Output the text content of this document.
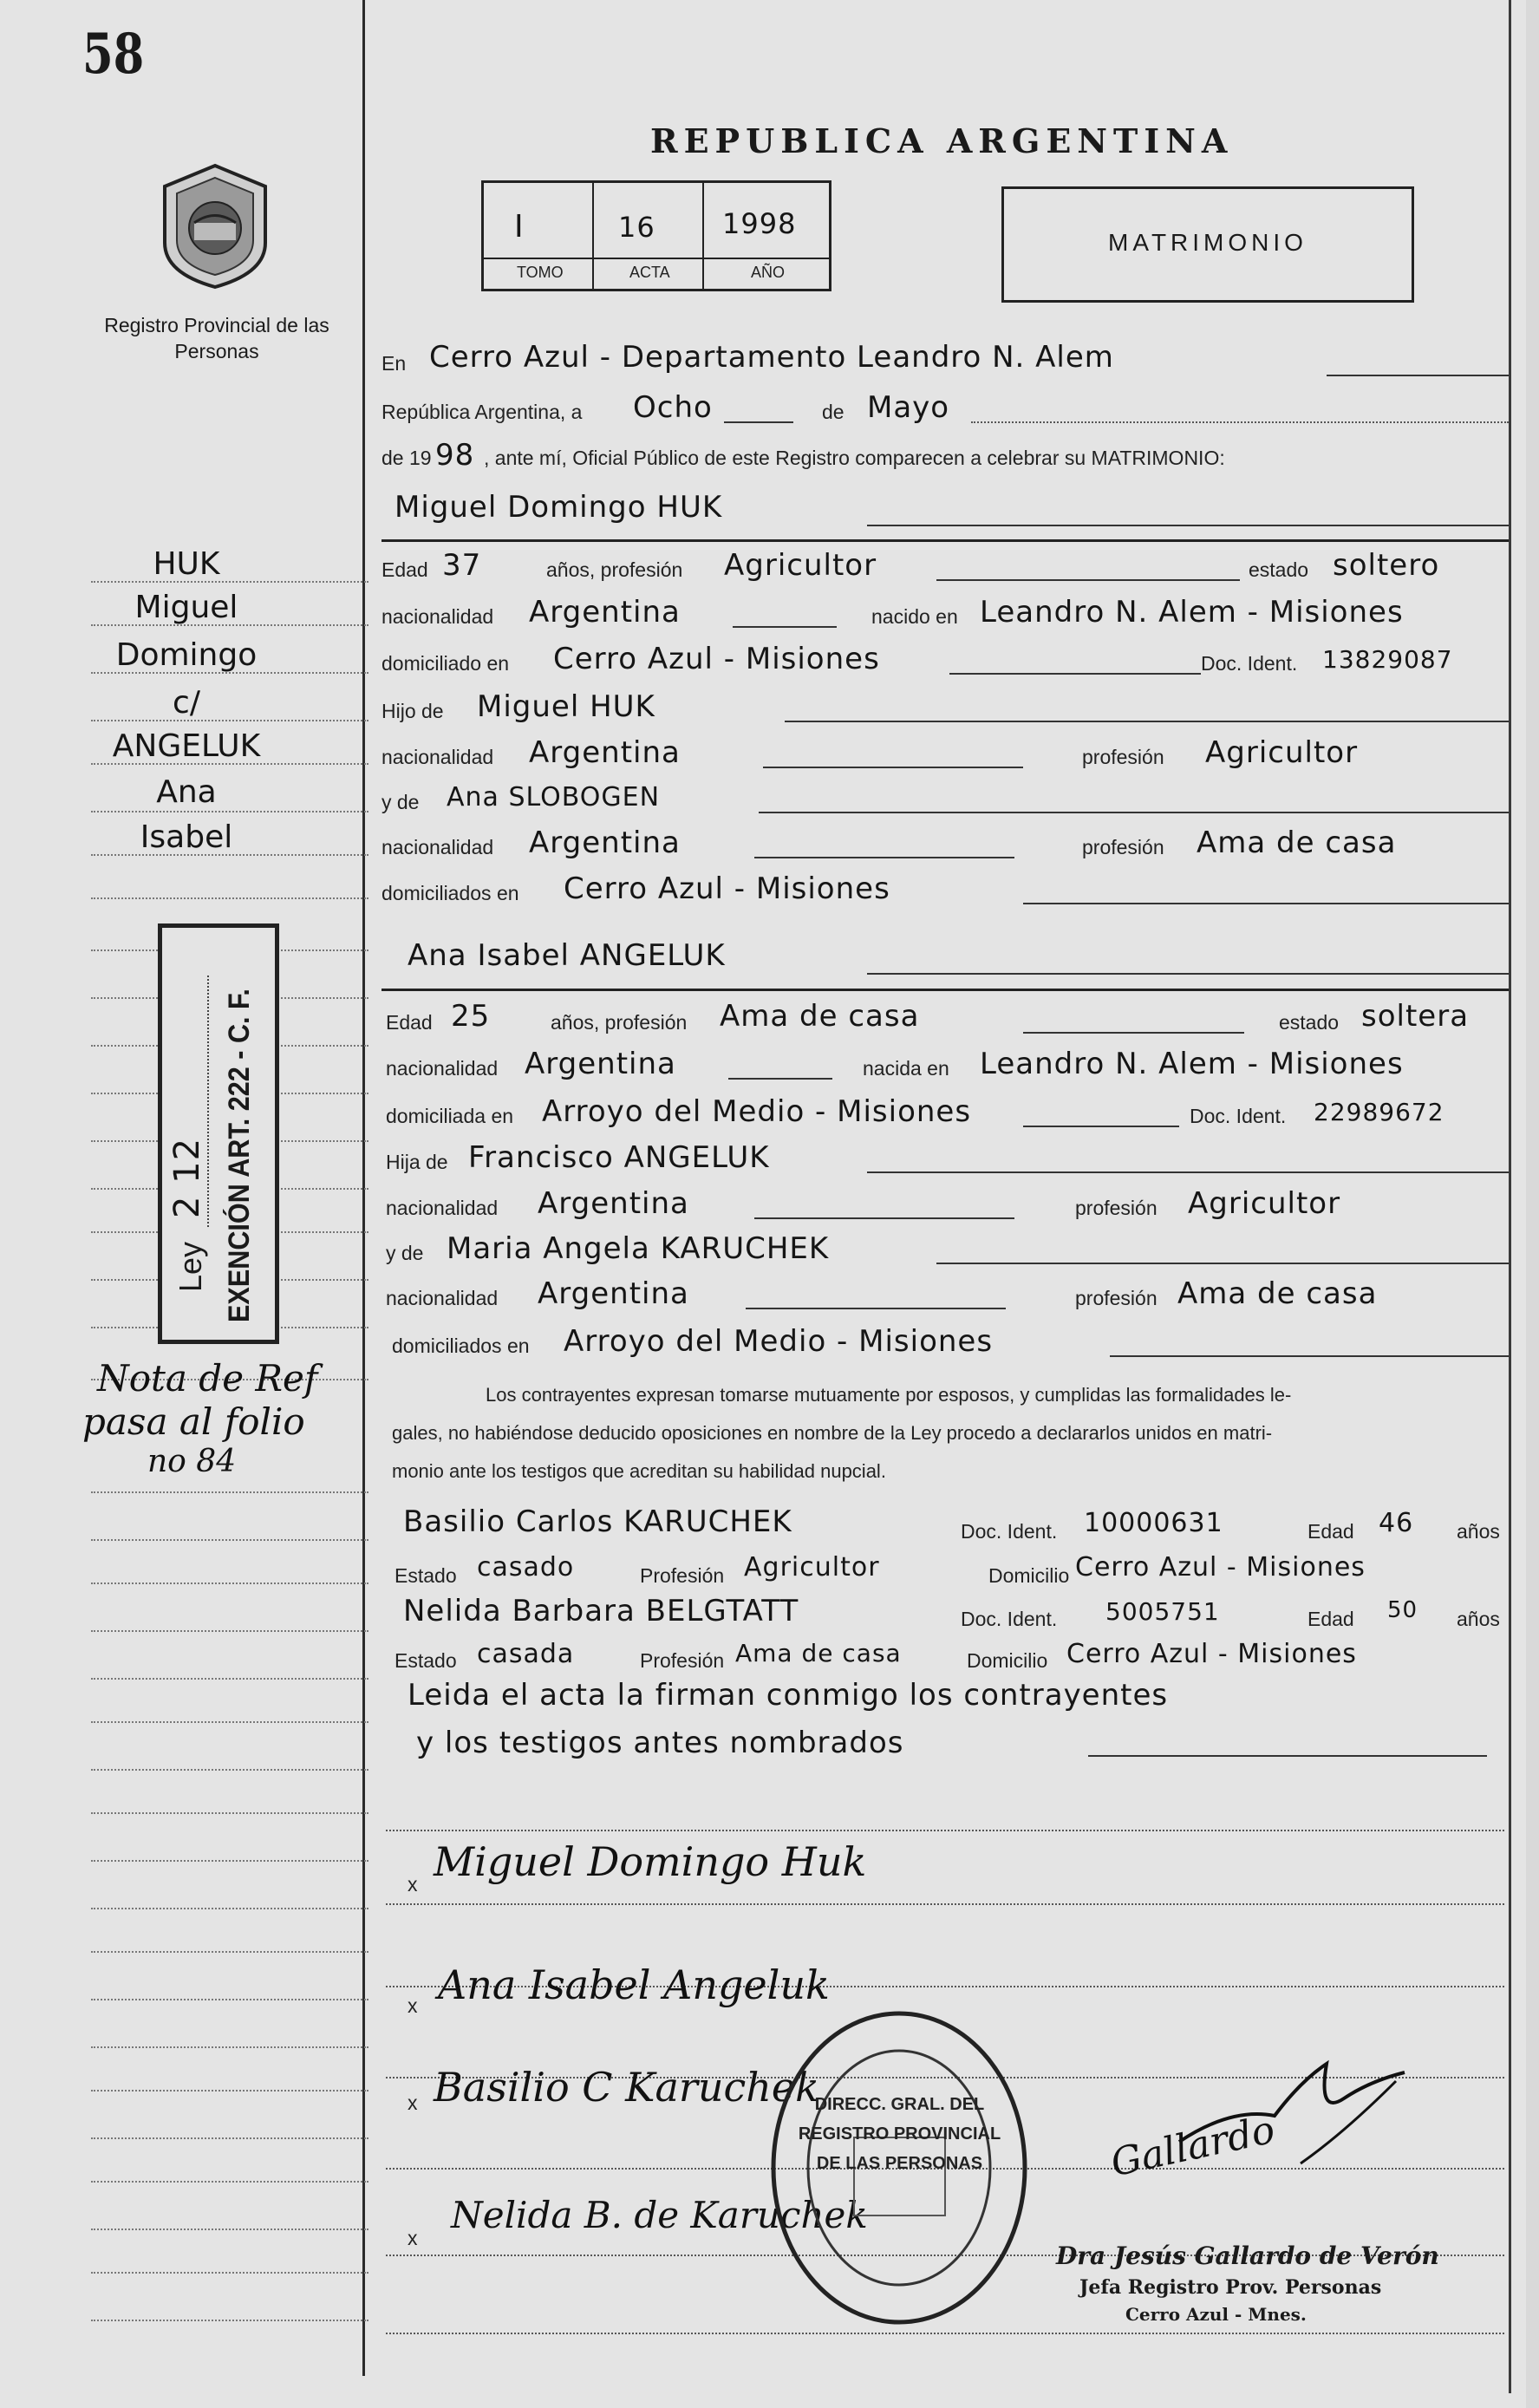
58
Registro Provincial de las Personas
REPUBLICA ARGENTINA
I	16 1998
TOMO	ACTA	AÑO
MATRIMONIO
En Cerro Azul - Departamento Leandro N. Alem
República Argentina, a Ocho	de Mayo
de 19 98 , ante mí, Oficial Público de este Registro comparecen a celebrar su MATRIMONIO:
Miguel Domingo HUK
Edad 37	años, profesión Agricultor	estado soltero
nacionalidad Argentina	nacido en Leandro N. Alem - Misiones
domiciliado en Cerro Azul - Misiones	Doc. Ident. 13829087
Hijo de Miguel HUK
nacionalidad Argentina	profesión Agricultor
y de Ana SLOBOGEN
nacionalidad Argentina	profesión Ama de casa
domiciliados en Cerro Azul - Misiones
Ana Isabel ANGELUK
Edad 25	años, profesión Ama de casa	estado soltera
nacionalidad Argentina	nacida en Leandro N. Alem - Misiones
domiciliada en Arroyo del Medio - Misiones	Doc. Ident. 22989672
Hija de Francisco ANGELUK
nacionalidad Argentina	profesión Agricultor
y de Maria Angela KARUCHEK
nacionalidad Argentina	profesión Ama de casa
domiciliados en Arroyo del Medio - Misiones
Los contrayentes expresan tomarse mutuamente por esposos, y cumplidas las formalidades le-
gales, no habiéndose deducido oposiciones en nombre de la Ley procedo a declararlos unidos en matri-
monio ante los testigos que acreditan su habilidad nupcial.
Basilio Carlos KARUCHEK	Doc. Ident. 10000631	Edad 46 años
Estado casado	Profesión Agricultor	Domicilio Cerro Azul - Misiones
Nelida Barbara BELGTATT	Doc. Ident. 5005751	Edad 50 años
Estado casada	Profesión Ama de casa	Domicilio Cerro Azul - Misiones
Leida el acta la firman conmigo los contrayentes
y los testigos antes nombrados
x Miguel Domingo Huk
x Ana Isabel Angeluk
x Basilio C Karuchek
x
Nelida B. de Karuchek
Gallardo
DIRECC. GRAL. DEL REGISTRO PROVINCIAL DE LAS PERSONAS
Dra Jesús Gallardo de Verón
Jefa Registro Prov. Personas
Cerro Azul - Mnes.
HUK
Miguel
Domingo
c/
ANGELUK
Ana
Isabel
Ley
2 12 EXENCIÓN ART. 222 - C. F.
Nota de Ref
pasa al folio
no 84
